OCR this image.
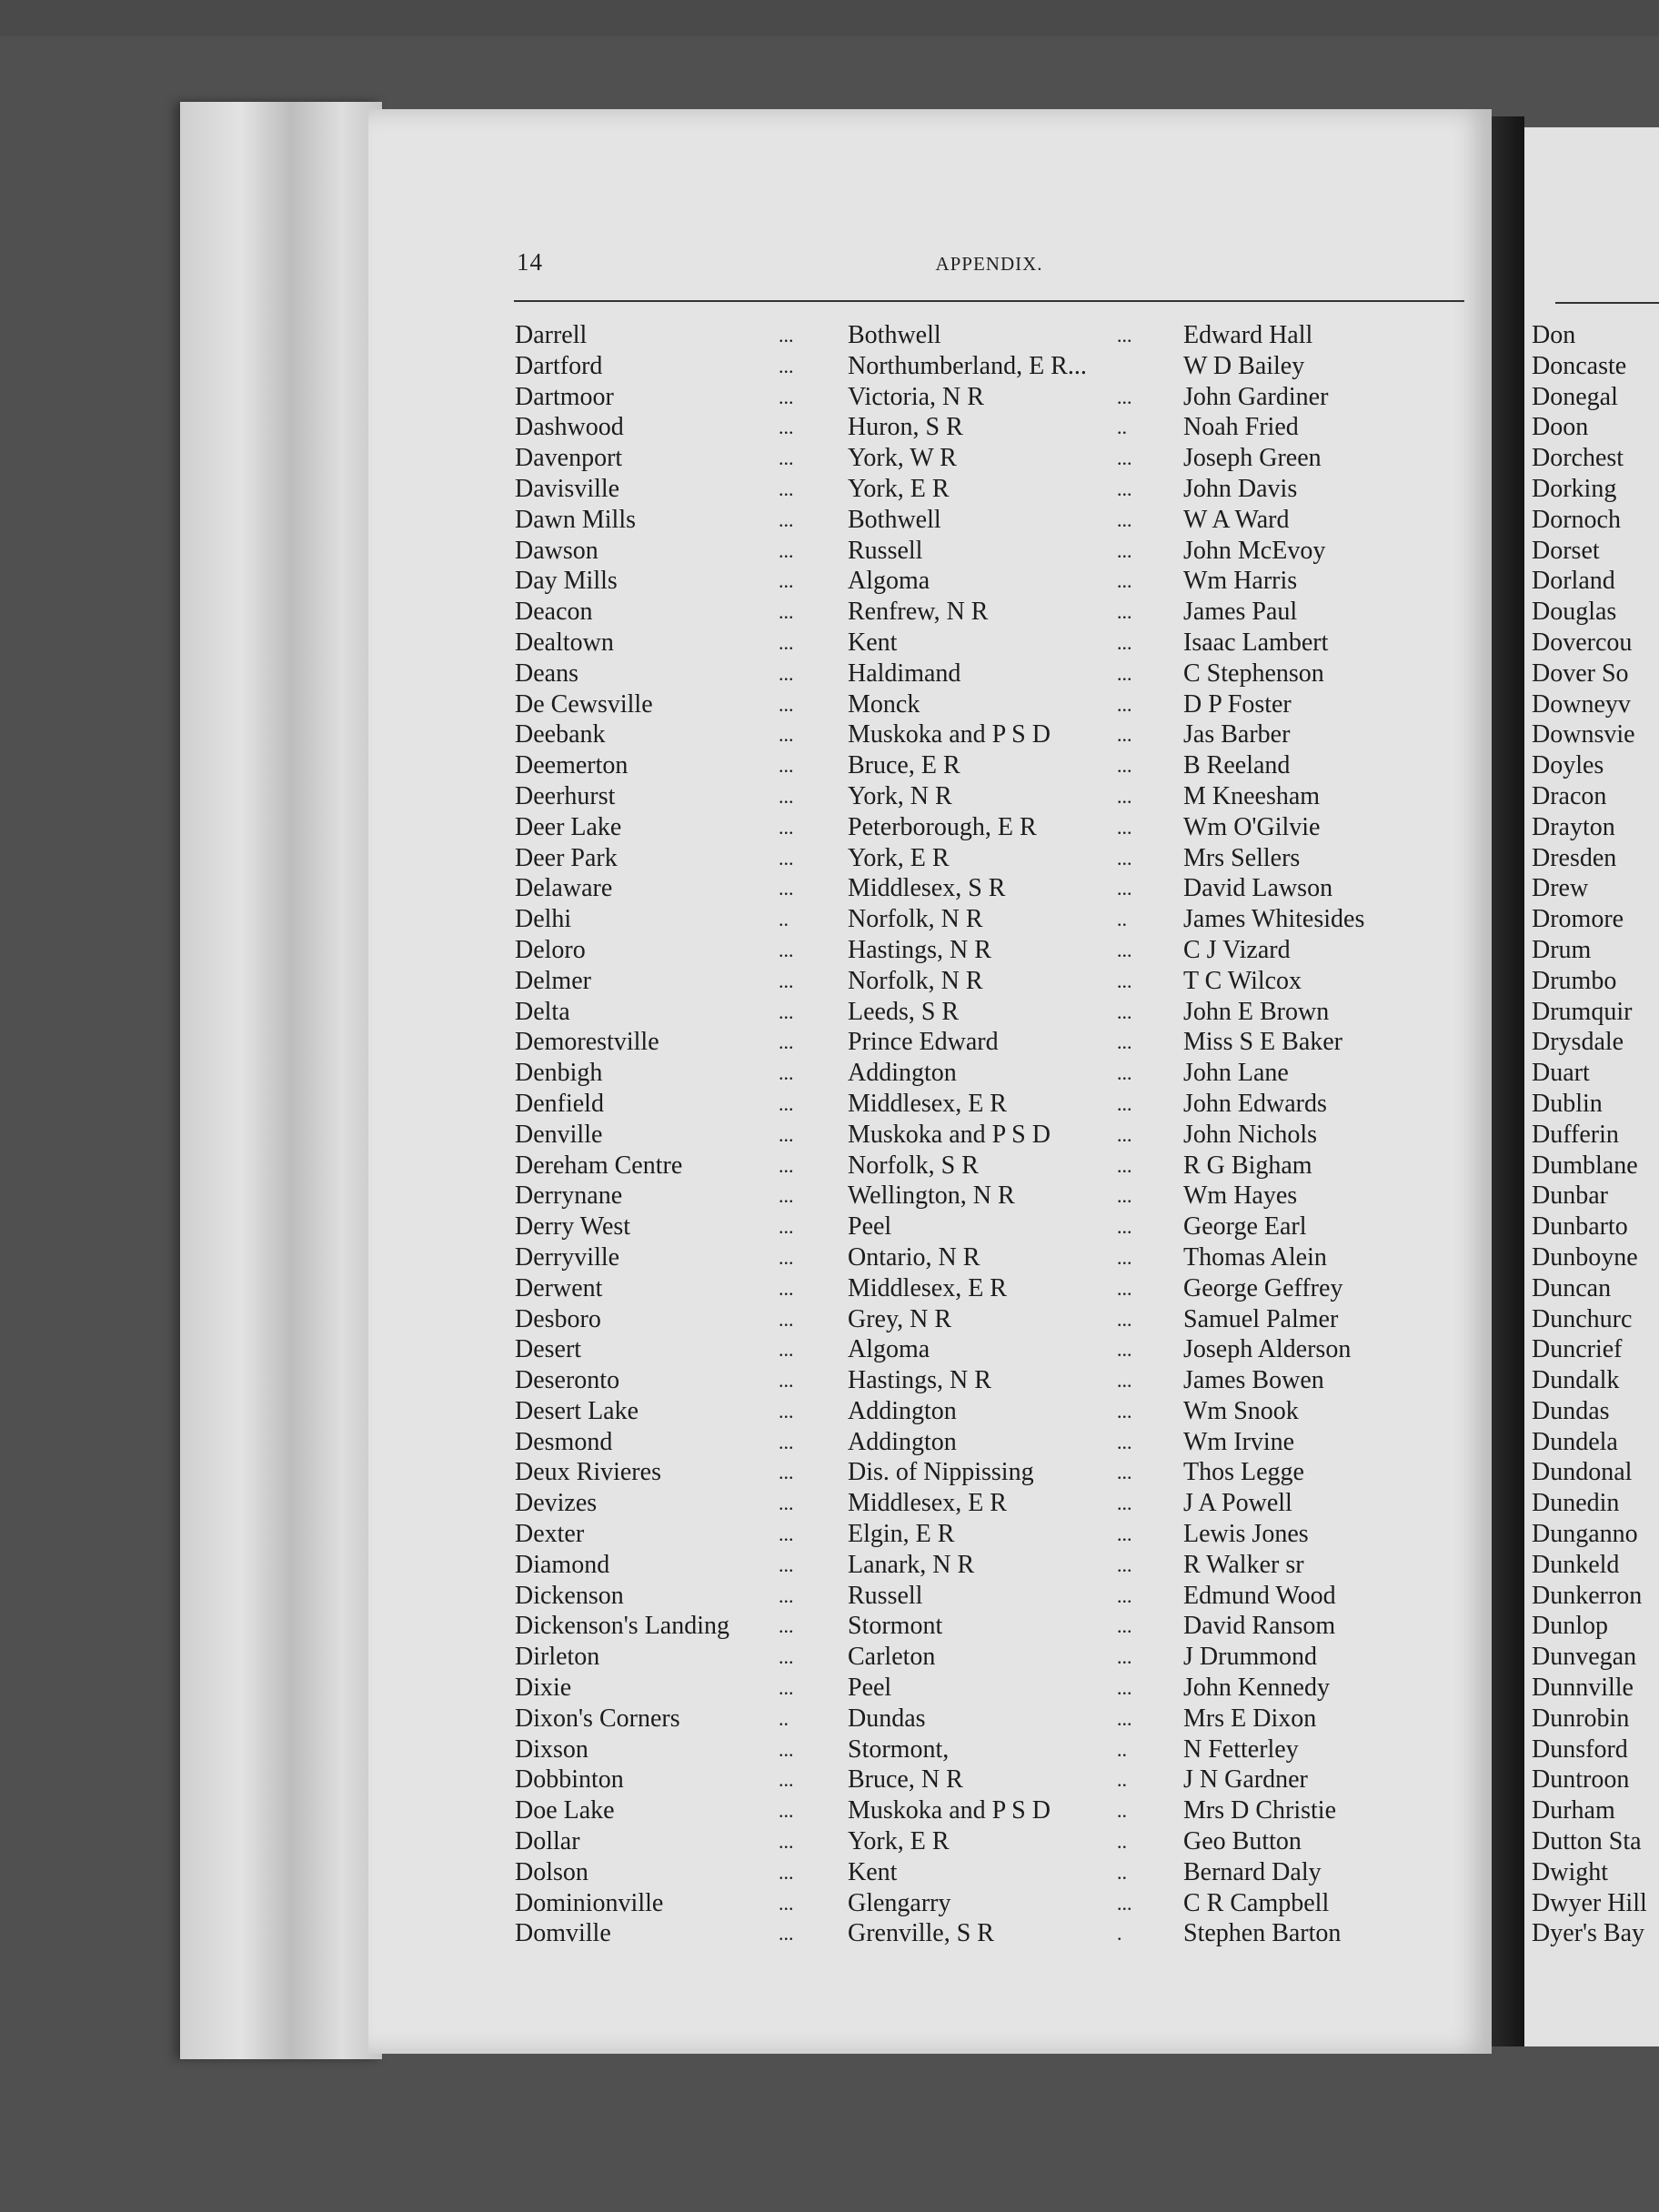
14	APPENDIX.
Darrell	... Bothwell	... Edward Hall
Dartford	... Northumberland, E R...	W D Bailey
Dartmoor	... Victoria, N R	... John Gardiner
Dashwood	... Huron, S R	.. Noah Fried
Davenport	... York, W R	... Joseph Green
Davisville	... York, E R	... John Davis
Dawn Mills	... Bothwell	... W A Ward
Dawson	... Russell	... John McEvoy
Day Mills	... Algoma	... Wm Harris
Deacon	... Renfrew, N R	... James Paul
Dealtown	... Kent	... Isaac Lambert
Deans	... Haldimand	... C Stephenson
De Cewsville	... Monck	... D P Foster
Deebank	... Muskoka and P S D	... Jas Barber
Deemerton	... Bruce, E R	... B Reeland
Deerhurst	... York, N R	... M Kneesham
Deer Lake	... Peterborough, E R	... Wm O'Gilvie
Deer Park	... York, E R	... Mrs Sellers
Delaware	... Middlesex, S R	... David Lawson
Delhi	.. Norfolk, N R	.. James Whitesides
Deloro	... Hastings, N R	... C J Vizard
Delmer	... Norfolk, N R	... T C Wilcox
Delta	... Leeds, S R	... John E Brown
Demorestville	... Prince Edward	... Miss S E Baker
Denbigh	... Addington	... John Lane
Denfield	... Middlesex, E R	... John Edwards
Denville	... Muskoka and P S D	... John Nichols
Dereham Centre	... Norfolk, S R	... R G Bigham
Derrynane	... Wellington, N R	... Wm Hayes
Derry West	... Peel	... George Earl
Derryville	... Ontario, N R	... Thomas Alein
Derwent	... Middlesex, E R	... George Geffrey
Desboro	... Grey, N R	... Samuel Palmer
Desert	... Algoma	... Joseph Alderson
Deseronto	... Hastings, N R	... James Bowen
Desert Lake	... Addington	... Wm Snook
Desmond	... Addington	... Wm Irvine
Deux Rivieres	... Dis. of Nippissing	... Thos Legge
Devizes	... Middlesex, E R	... J A Powell
Dexter	... Elgin, E R	... Lewis Jones
Diamond	... Lanark, N R	... R Walker sr
Dickenson	... Russell	... Edmund Wood
Dickenson's Landing ... Stormont	... David Ransom
Dirleton	... Carleton	... J Drummond
Dixie	... Peel	... John Kennedy
Dixon's Corners	.. Dundas	... Mrs E Dixon
Dixson	... Stormont,	.. N Fetterley
Dobbinton	... Bruce, N R	.. J N Gardner
Doe Lake	... Muskoka and P S D	.. Mrs D Christie
Dollar	... York, E R	.. Geo Button
Dolson	... Kent	.. Bernard Daly
Dominionville	... Glengarry	... C R Campbell
Domville	... Grenville, S R	. Stephen Barton
Don
Doncaste
Donegal
Doon
Dorchest
Dorking
Dornoch
Dorset
Dorland
Douglas
Dovercou
Dover So
Downeyv
Downsvie
Doyles
Dracon
Drayton
Dresden
Drew
Dromore
Drum
Drumbo
Drumquir
Drysdale
Duart
Dublin
Dufferin
Dumblane
Dunbar
Dunbarto
Dunboyne
Duncan
Dunchurc
Duncrief
Dundalk
Dundas
Dundela
Dundonal
Dunedin
Dunganno
Dunkeld
Dunkerron
Dunlop
Dunvegan
Dunnville
Dunrobin
Dunsford
Duntroon
Durham
Dutton Sta
Dwight
Dwyer Hill
Dyer's Bay
